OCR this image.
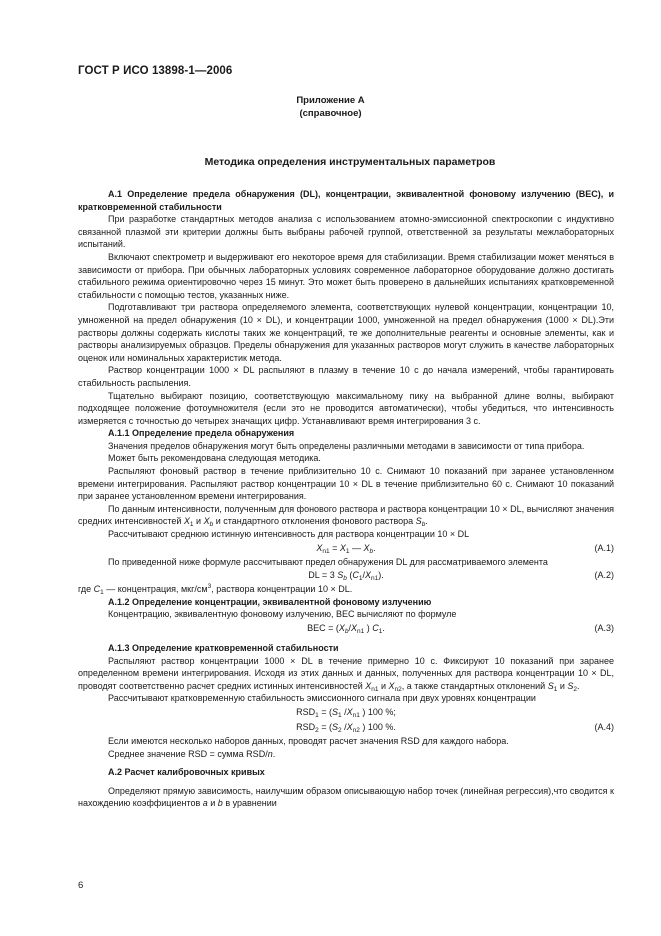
ГОСТ Р ИСО 13898-1—2006
Приложение А
(справочное)
Методика определения инструментальных параметров

А.1 Определение предела обнаружения (DL), концентрации, эквивалентной фоновому излучению (ВЕС), и кратковременной стабильности

При разработке стандартных методов анализа с использованием атомно-эмиссионной спектроскопии с индуктивно связанной плазмой эти критерии должны быть выбраны рабочей группой, ответственной за результаты межлабораторных испытаний.

Включают спектрометр и выдерживают его некоторое время для стабилизации. Время стабилизации может меняться в зависимости от прибора. При обычных лабораторных условиях современное лабораторное оборудование должно достигать стабильного режима ориентировочно через 15 минут. Это может быть проверено в дальнейших испытаниях кратковременной стабильности с помощью тестов, указанных ниже.

Подготавливают три раствора определяемого элемента, соответствующих нулевой концентрации, концентрации 10, умноженной на предел обнаружения (10 × DL), и концентрации 1000, умноженной на предел обнаружения (1000 × DL).Эти растворы должны содержать кислоты таких же концентраций, те же дополнительные реагенты и основные элементы, как и растворы анализируемых образцов. Пределы обнаружения для указанных растворов могут служить в качестве лабораторных оценок или номинальных характеристик метода.

Раствор концентрации 1000 × DL распыляют в плазму в течение 10 с до начала измерений, чтобы гарантировать стабильность распыления.

Тщательно выбирают позицию, соответствующую максимальному пику на выбранной длине волны, выбирают подходящее положение фотоумножителя (если это не проводится автоматически), чтобы убедиться, что интенсивность измеряется с точностью до четырех значащих цифр. Устанавливают время интегрирования 3 с.

А.1.1 Определение предела обнаружения

Значения пределов обнаружения могут быть определены различными методами в зависимости от типа прибора.

Может быть рекомендована следующая методика.

Распыляют фоновый раствор в течение приблизительно 10 с. Снимают 10 показаний при заранее установленном времени интегрирования. Распыляют раствор концентрации 10 × DL в течение приблизительно 60 с. Снимают 10 показаний при заранее установленном времени интегрирования.

По данным интенсивности, полученным для фонового раствора и раствора концентрации 10 × DL, вычисляют значения средних интенсивностей $X_1$ и $X_b$ и стандартного отклонения фонового раствора $S_b$.

Рассчитывают среднюю истинную интенсивность для раствора концентрации 10 × DL

$X_{n1} = X_1$ — $X_b$.	(А.1)

По приведенной ниже формуле рассчитывают предел обнаружения DL для рассматриваемого элемента

DL = 3 $S_b$ $(C_1/X_{n1})$.	(А.2)

где $C_1$ — концентрация, мкг/$см^3$, раствора концентрации 10 × DL.

А.1.2 Определение концентрации, эквивалентной фоновому излучению

Концентрацию, эквивалентную фоновому излучению, ВЕС вычисляют по формуле

ВЕС = ($X_b/X_{n1}$ ) $C_1$.	(А.3)

А.1.3 Определение кратковременной стабильности

Распыляют раствор концентрации 1000 × DL в течение примерно 10 с. Фиксируют 10 показаний при заранее определенном времени интегрирования. Исходя из этих данных и данных, полученных для раствора концентрации 10 × DL, проводят соответственно расчет средних истинных интенсивностей $X_{n1}$ и $X_{n2}$, а также стандартных отклонений $S_1$ и $S_2$.

Рассчитывают кратковременную стабильность эмиссионного сигнала при двух уровнях концентрации

$RSD_1 = (S_1$ $/X_{n1}$ ) 100 %;
$RSD_2 = (S_2$ $/X_{n2}$ ) 100 %.	(А.4)

Если имеются несколько наборов данных, проводят расчет значения RSD для каждого набора.

Среднее значение RSD = сумма RSD/n.

А.2 Расчет калибровочных кривых

Определяют прямую зависимость, наилучшим образом описывающую набор точек (линейная регрессия),что сводится к нахождению коэффициентов a и b в уравнении

6
